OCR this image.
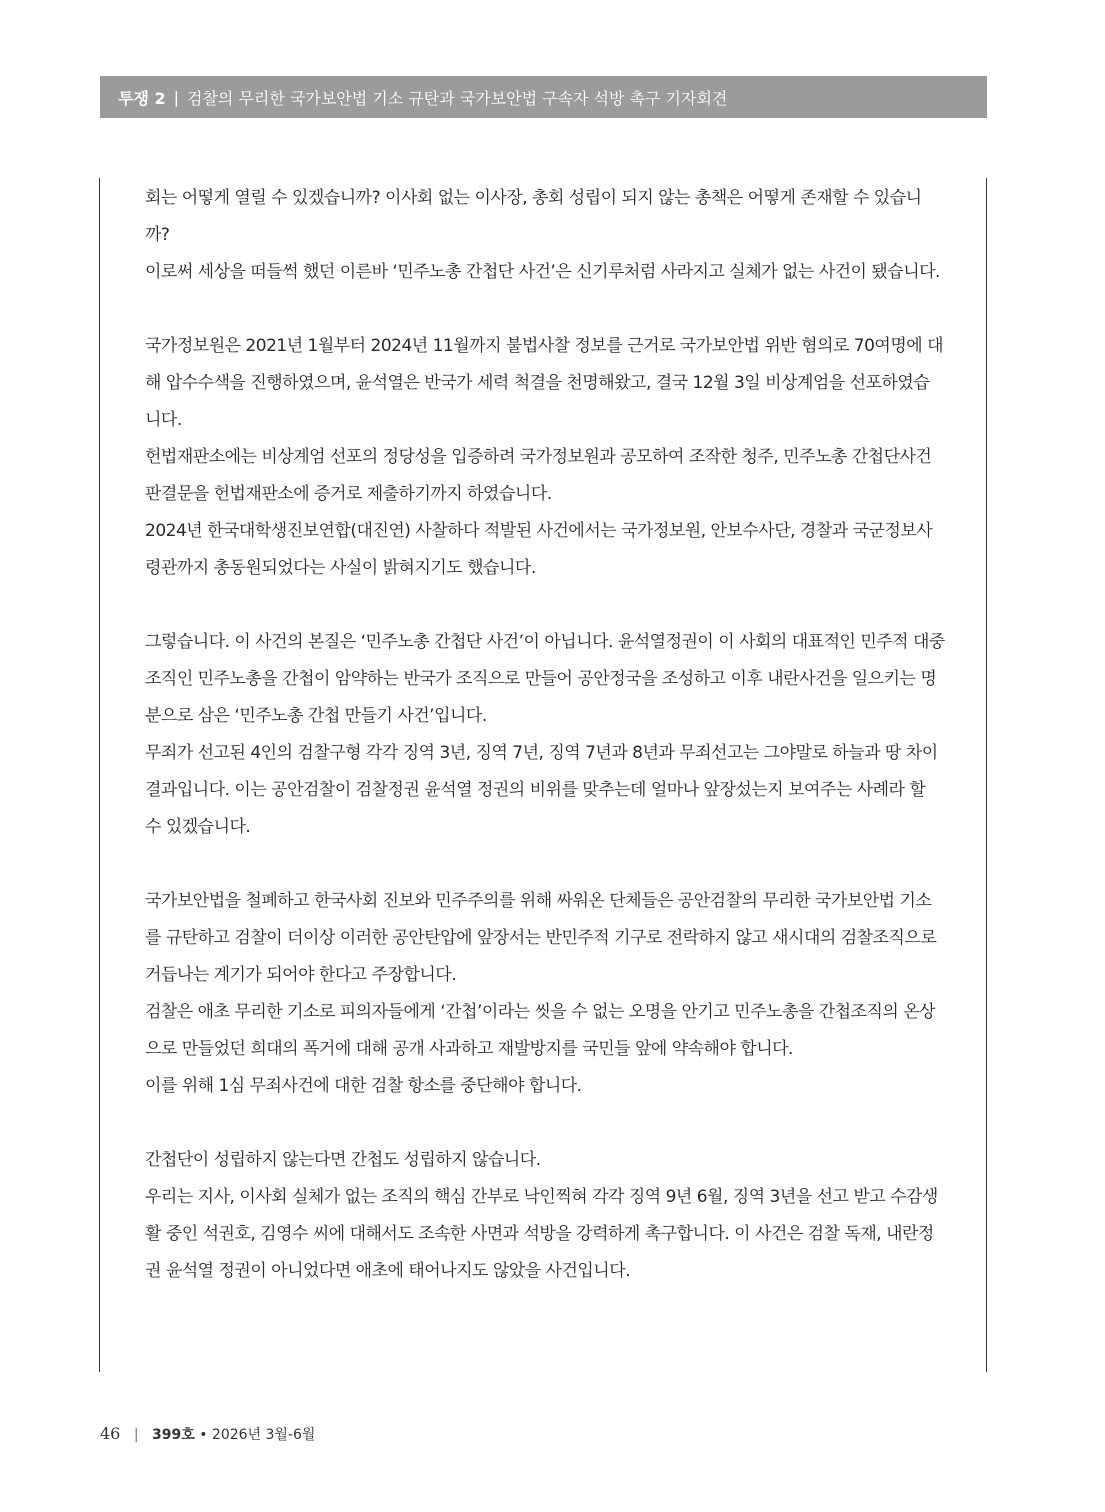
투쟁 2 | 검찰의 무리한 국가보안법 기소 규탄과 국가보안법 구속자 석방 촉구 기자회견

회는 어떻게 열릴 수 있겠습니까? 이사회 없는 이사장, 총회 성립이 되지 않는 총책은 어떻게 존재할 수 있습니까?

이로써 세상을 떠들썩 했던 이른바 ‘민주노총 간첩단 사건’은 신기루처럼 사라지고 실체가 없는 사건이 됐습니다.

국가정보원은 2021년 1월부터 2024년 11월까지 불법사찰 정보를 근거로 국가보안법 위반 혐의로 70여명에 대해 압수수색을 진행하였으며, 윤석열은 반국가 세력 척결을 천명해왔고, 결국 12월 3일 비상계엄을 선포하였습니다.

헌법재판소에는 비상계엄 선포의 정당성을 입증하려 국가정보원과 공모하여 조작한 청주, 민주노총 간첩단사건 판결문을 헌법재판소에 증거로 제출하기까지 하였습니다.

2024년 한국대학생진보연합(대진연) 사찰하다 적발된 사건에서는 국가정보원, 안보수사단, 경찰과 국군정보사령관까지 총동원되었다는 사실이 밝혀지기도 했습니다.

그렇습니다. 이 사건의 본질은 ‘민주노총 간첩단 사건’이 아닙니다. 윤석열정권이 이 사회의 대표적인 민주적 대중조직인 민주노총을 간첩이 암약하는 반국가 조직으로 만들어 공안정국을 조성하고 이후 내란사건을 일으키는 명분으로 삼은 ‘민주노총 간첩 만들기 사건’입니다.

무죄가 선고된 4인의 검찰구형 각각 징역 3년, 징역 7년, 징역 7년과 8년과 무죄선고는 그야말로 하늘과 땅 차이 결과입니다. 이는 공안검찰이 검찰정권 윤석열 정권의 비위를 맞추는데 얼마나 앞장섰는지 보여주는 사례라 할 수 있겠습니다.

국가보안법을 철폐하고 한국사회 진보와 민주주의를 위해 싸워온 단체들은 공안검찰의 무리한 국가보안법 기소를 규탄하고 검찰이 더이상 이러한 공안탄압에 앞장서는 반민주적 기구로 전락하지 않고 새시대의 검찰조직으로 거듭나는 계기가 되어야 한다고 주장합니다.

검찰은 애초 무리한 기소로 피의자들에게 ‘간첩’이라는 씻을 수 없는 오명을 안기고 민주노총을 간첩조직의 온상으로 만들었던 희대의 폭거에 대해 공개 사과하고 재발방지를 국민들 앞에 약속해야 합니다.

이를 위해 1심 무죄사건에 대한 검찰 항소를 중단해야 합니다.

간첩단이 성립하지 않는다면 간첩도 성립하지 않습니다.

우리는 지사, 이사회 실체가 없는 조직의 핵심 간부로 낙인찍혀 각각 징역 9년 6월, 징역 3년을 선고 받고 수감생활 중인 석권호, 김영수 씨에 대해서도 조속한 사면과 석방을 강력하게 촉구합니다. 이 사건은 검찰 독재, 내란정권 윤석열 정권이 아니었다면 애초에 태어나지도 않았을 사건입니다.

46 | 399호 • 2026년 3월-6월
